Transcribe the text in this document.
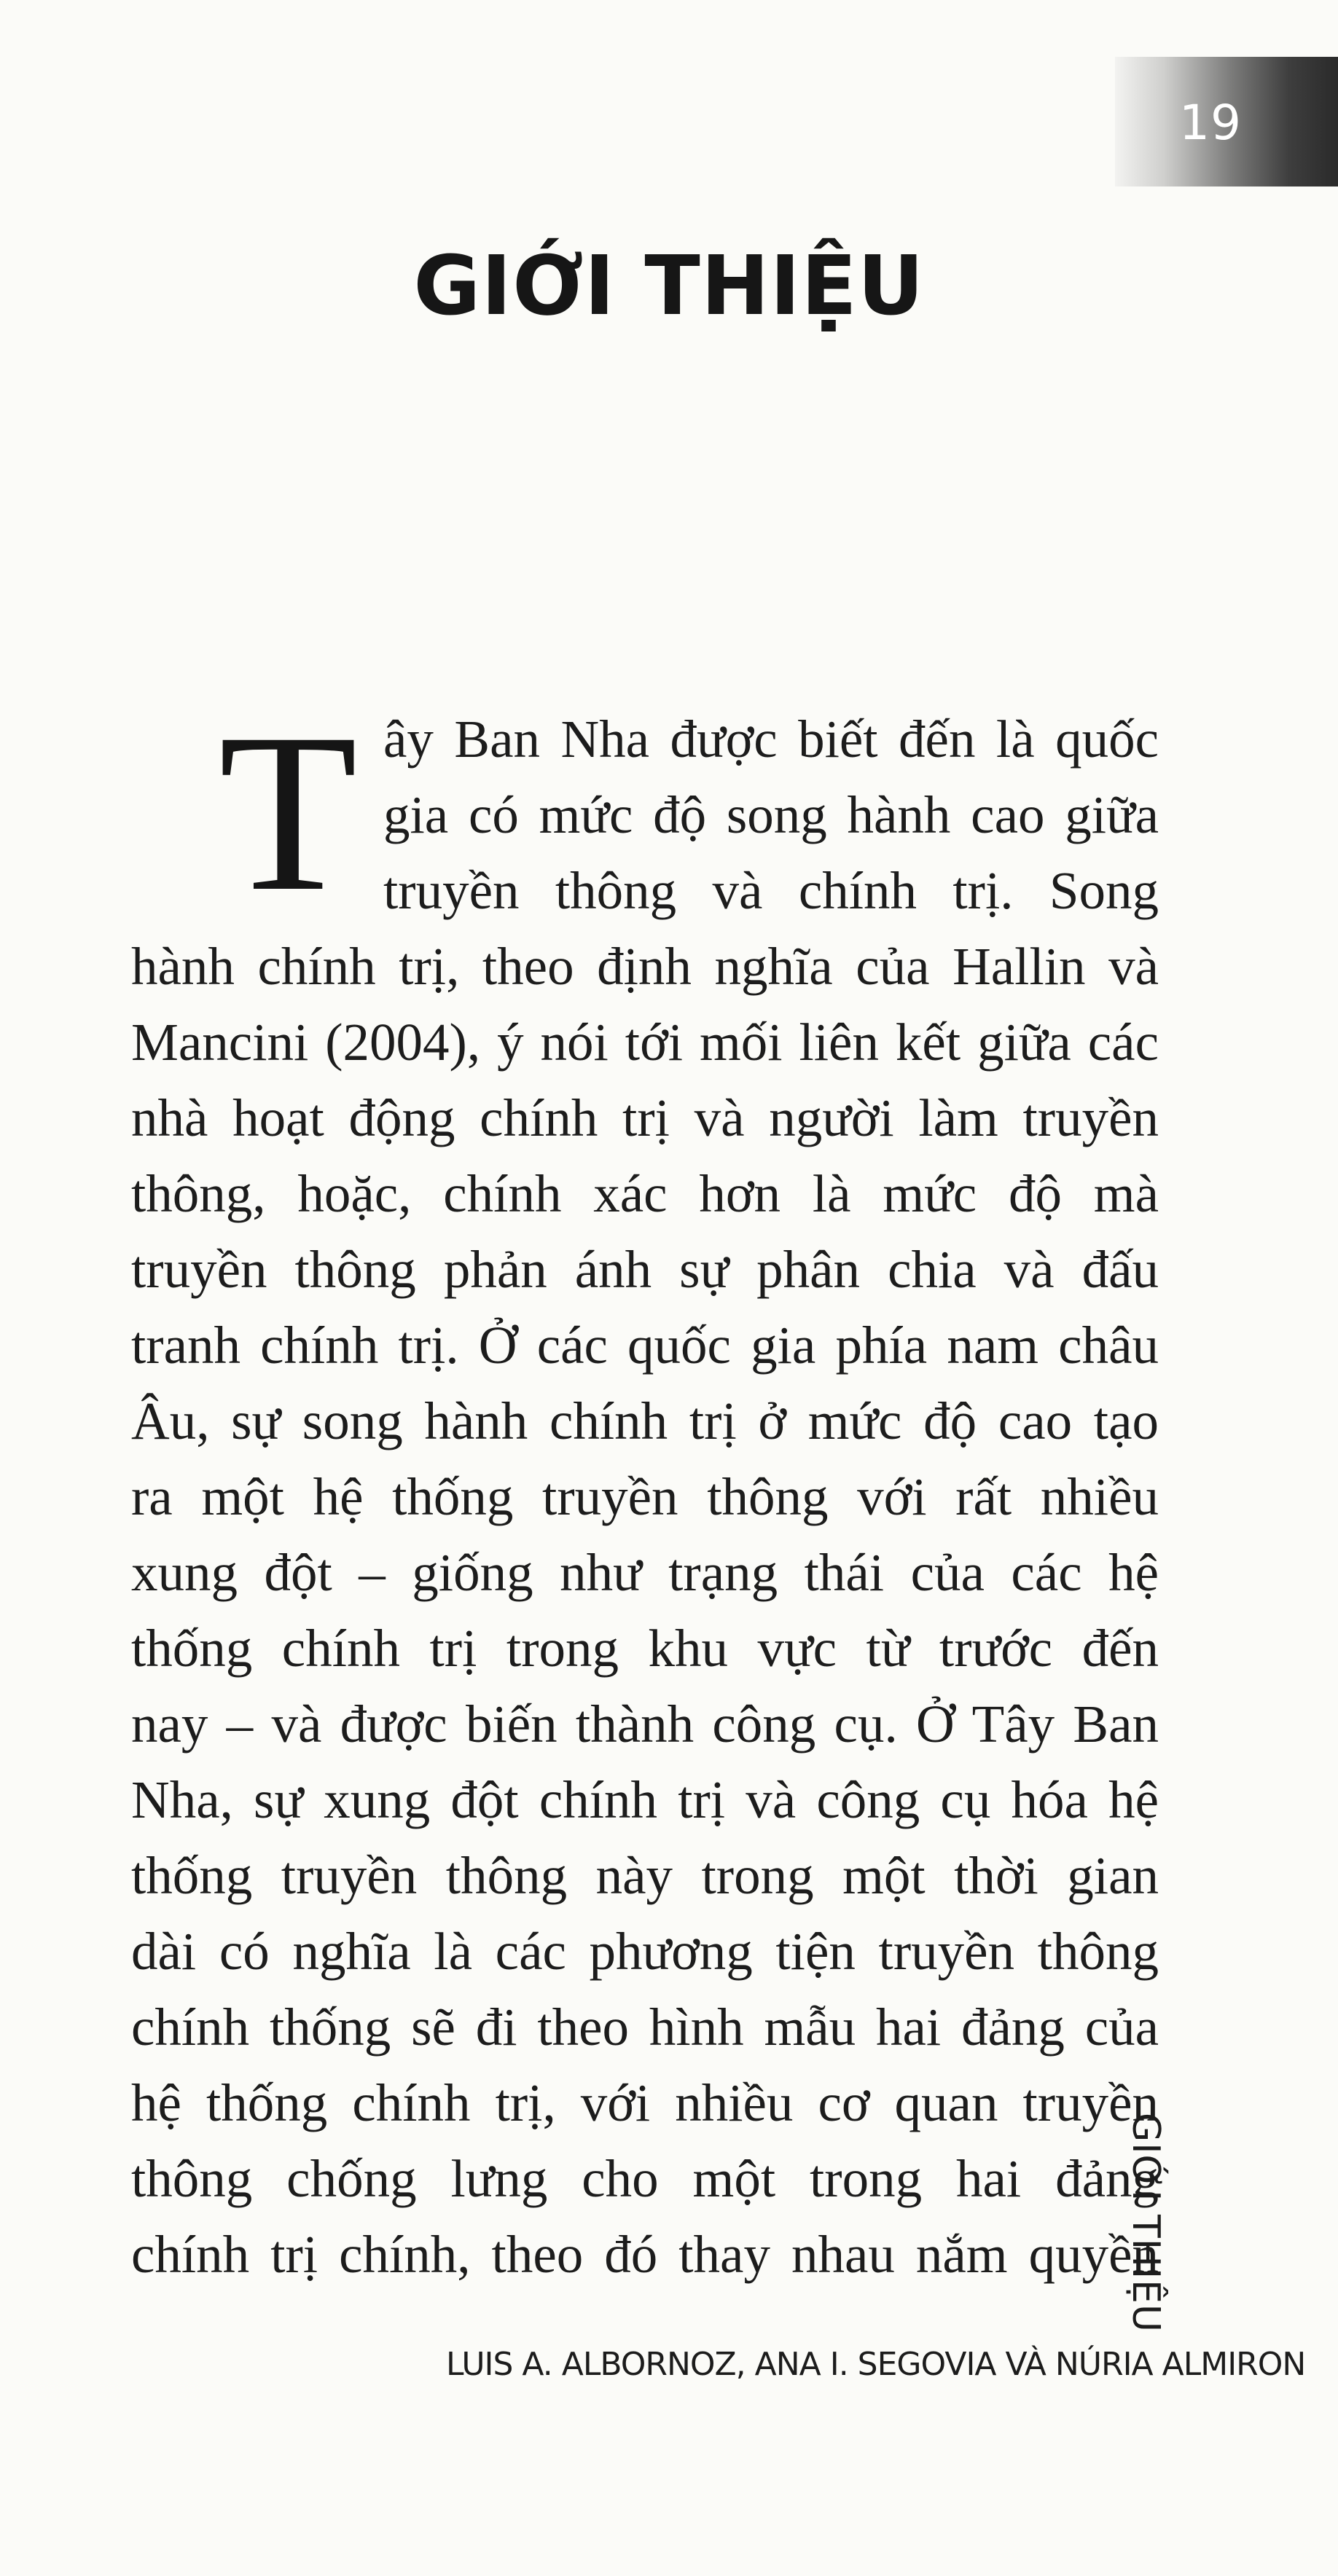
19
GIỚI THIỆU
T ây Ban Nha được biết đến là quốc
gia có mức độ song hành cao giữa
truyền thông và chính trị. Song
hành chính trị, theo định nghĩa của Hallin và
Mancini (2004), ý nói tới mối liên kết giữa các
nhà hoạt động chính trị và người làm truyền
thông, hoặc, chính xác hơn là mức độ mà
truyền thông phản ánh sự phân chia và đấu
tranh chính trị. Ở các quốc gia phía nam châu
Âu, sự song hành chính trị ở mức độ cao tạo
ra một hệ thống truyền thông với rất nhiều
xung đột – giống như trạng thái của các hệ
thống chính trị trong khu vực từ trước đến
nay – và được biến thành công cụ. Ở Tây Ban
Nha, sự xung đột chính trị và công cụ hóa hệ
thống truyền thông này trong một thời gian
dài có nghĩa là các phương tiện truyền thông
chính thống sẽ đi theo hình mẫu hai đảng của
hệ thống chính trị, với nhiều cơ quan truyền
thông chống lưng cho một trong hai đảng
chính trị chính, theo đó thay nhau nắm quyền
GIỚI THIỆU
LUIS A. ALBORNOZ, ANA I. SEGOVIA VÀ NÚRIA ALMIRON
